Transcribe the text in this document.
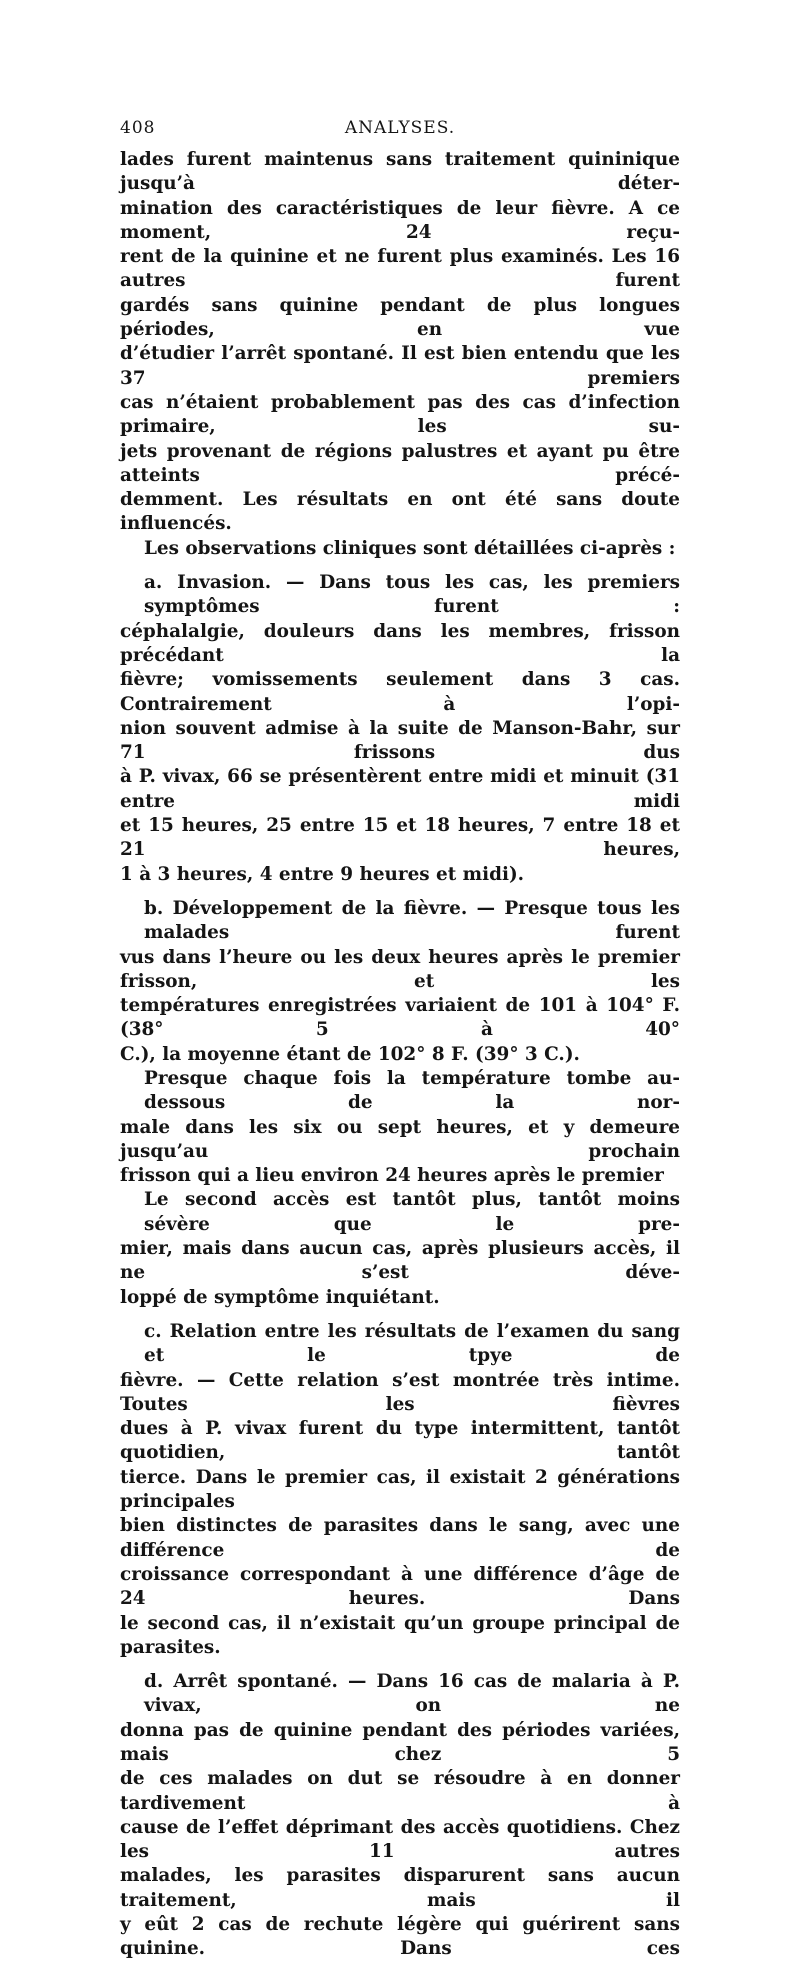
408	ANALYSES.
lades furent maintenus sans traitement quininique jusqu’à déter-
mination des caractéristiques de leur fièvre. A ce moment, 24 reçu-
rent de la quinine et ne furent plus examinés. Les 16 autres furent
gardés sans quinine pendant de plus longues périodes, en vue
d’étudier l’arrêt spontané. Il est bien entendu que les 37 premiers
cas n’étaient probablement pas des cas d’infection primaire, les su-
jets provenant de régions palustres et ayant pu être atteints précé-
demment. Les résultats en ont été sans doute influencés.
Les observations cliniques sont détaillées ci-après :
a. Invasion. — Dans tous les cas, les premiers symptômes furent :
céphalalgie, douleurs dans les membres, frisson précédant la
fièvre; vomissements seulement dans 3 cas. Contrairement à l’opi-
nion souvent admise à la suite de Manson-Bahr, sur 71 frissons dus
à P. vivax, 66 se présentèrent entre midi et minuit (31 entre midi
et 15 heures, 25 entre 15 et 18 heures, 7 entre 18 et 21 heures,
1 à 3 heures, 4 entre 9 heures et midi).
b. Développement de la fièvre. — Presque tous les malades furent
vus dans l’heure ou les deux heures après le premier frisson, et les
températures enregistrées variaient de 101 à 104° F. (38° 5 à 40°
C.), la moyenne étant de 102° 8 F. (39° 3 C.).
Presque chaque fois la température tombe au-dessous de la nor-
male dans les six ou sept heures, et y demeure jusqu’au prochain
frisson qui a lieu environ 24 heures après le premier
Le second accès est tantôt plus, tantôt moins sévère que le pre-
mier, mais dans aucun cas, après plusieurs accès, il ne s’est déve-
loppé de symptôme inquiétant.
c. Relation entre les résultats de l’examen du sang et le tpye de
fièvre. — Cette relation s’est montrée très intime. Toutes les fièvres
dues à P. vivax furent du type intermittent, tantôt quotidien, tantôt
tierce. Dans le premier cas, il existait 2 générations principales
bien distinctes de parasites dans le sang, avec une différence de
croissance correspondant à une différence d’âge de 24 heures. Dans
le second cas, il n’existait qu’un groupe principal de parasites.
d. Arrêt spontané. — Dans 16 cas de malaria à P. vivax, on ne
donna pas de quinine pendant des périodes variées, mais chez 5
de ces malades on dut se résoudre à en donner tardivement à
cause de l’effet déprimant des accès quotidiens. Chez les 11 autres
malades, les parasites disparurent sans aucun traitement, mais il
y eût 2 cas de rechute légère qui guérirent sans quinine. Dans ces
